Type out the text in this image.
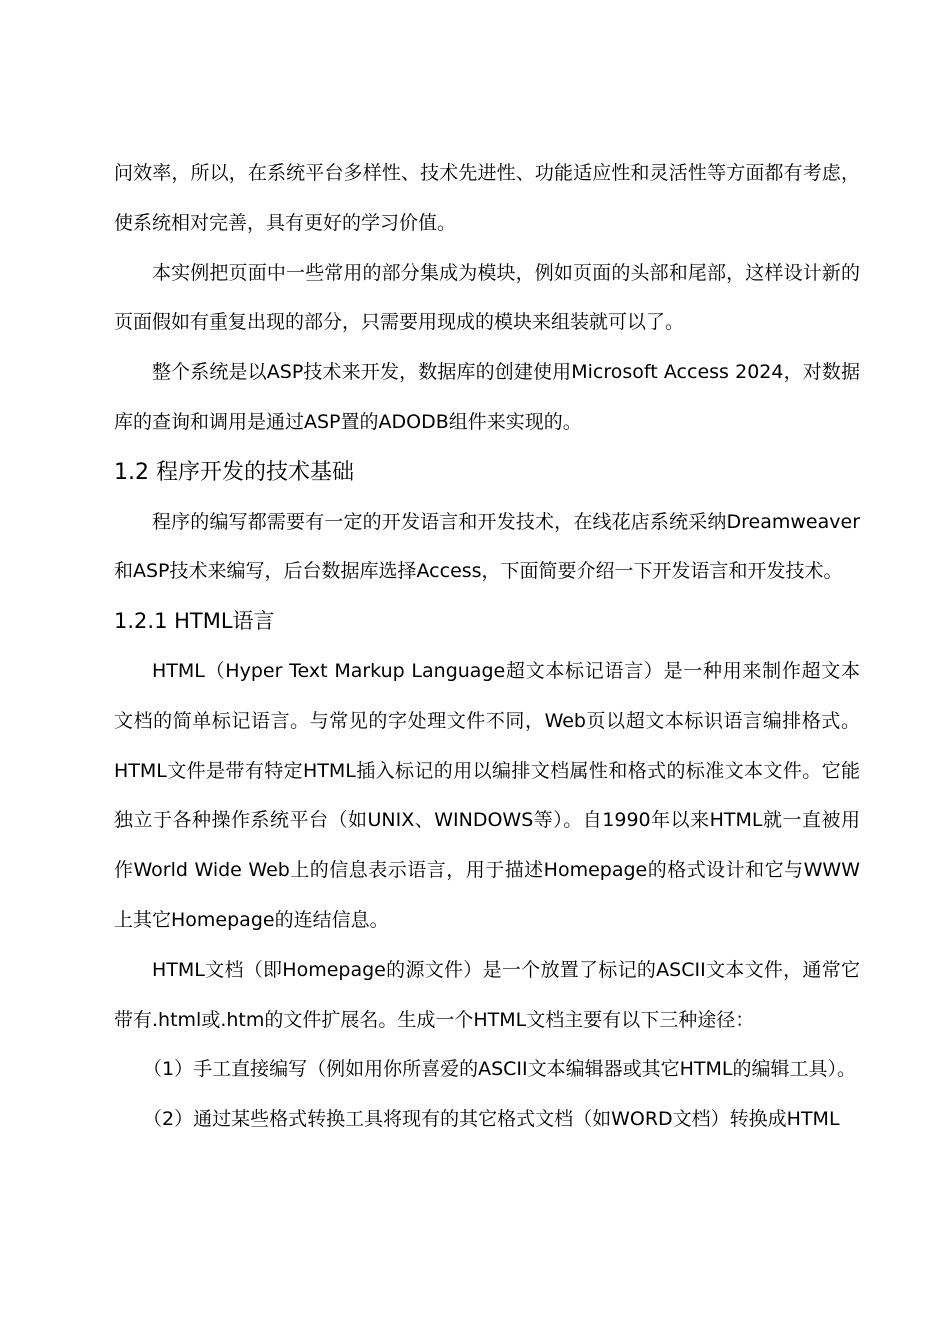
问效率，所以，在系统平台多样性、技术先进性、功能适应性和灵活性等方面都有考虑，使系统相对完善，具有更好的学习价值。

本实例把页面中一些常用的部分集成为模块，例如页面的头部和尾部，这样设计新的页面假如有重复出现的部分，只需要用现成的模块来组装就可以了。

整个系统是以ASP技术来开发，数据库的创建使用Microsoft Access 2024，对数据库的查询和调用是通过ASP置的ADODB组件来实现的。

1.2 程序开发的技术基础

程序的编写都需要有一定的开发语言和开发技术，在线花店系统采纳Dreamweaver和ASP技术来编写，后台数据库选择Access，下面简要介绍一下开发语言和开发技术。

1.2.1 HTML语言

HTML（Hyper Text Markup Language超文本标记语言）是一种用来制作超文本文档的简单标记语言。与常见的字处理文件不同，Web页以超文本标识语言编排格式。HTML文件是带有特定HTML插入标记的用以编排文档属性和格式的标准文本文件。它能独立于各种操作系统平台（如UNIX、WINDOWS等）。自1990年以来HTML就一直被用作World Wide Web上的信息表示语言，用于描述Homepage的格式设计和它与WWW上其它Homepage的连结信息。

HTML文档（即Homepage的源文件）是一个放置了标记的ASCII文本文件，通常它带有.html或.htm的文件扩展名。生成一个HTML文档主要有以下三种途径：

（1）手工直接编写（例如用你所喜爱的ASCII文本编辑器或其它HTML的编辑工具）。

（2）通过某些格式转换工具将现有的其它格式文档（如WORD文档）转换成HTML
